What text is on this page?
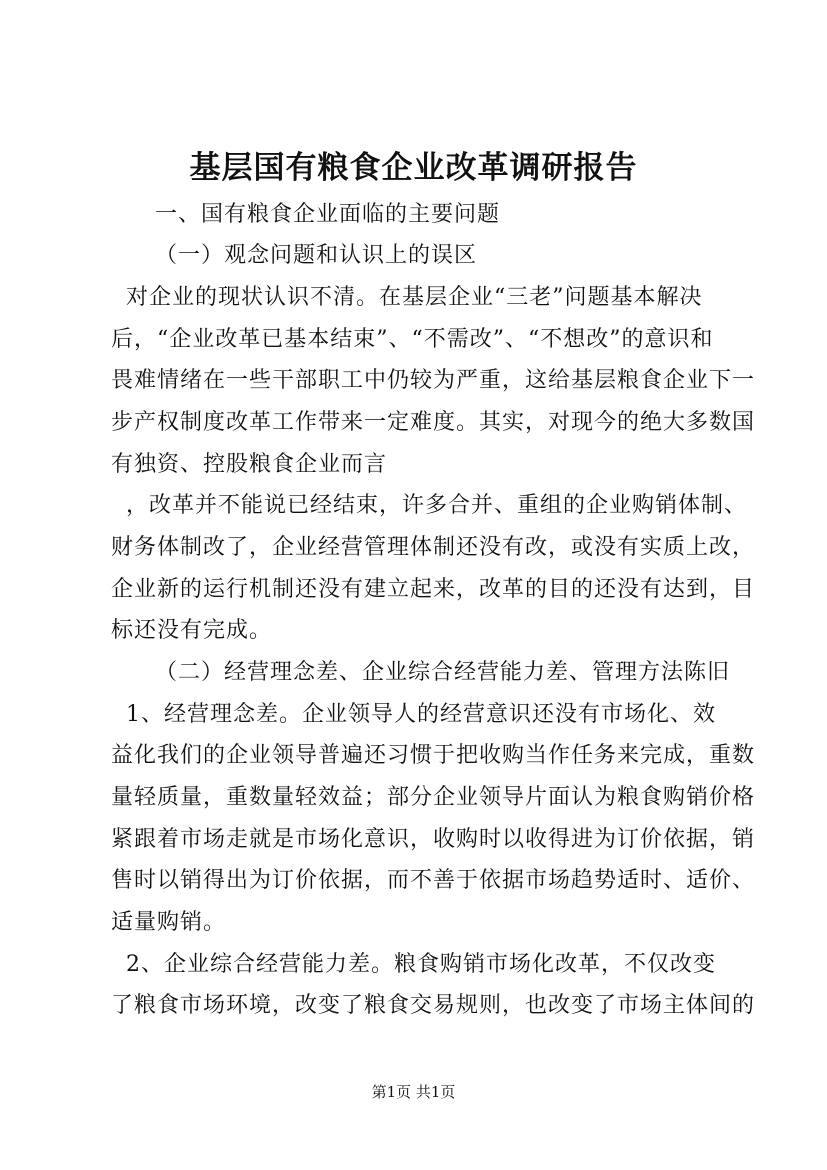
基层国有粮食企业改革调研报告
一、国有粮食企业面临的主要问题
（一）观念问题和认识上的误区
对企业的现状认识不清。在基层企业“三老”问题基本解决
后，“企业改革已基本结束”、“不需改”、“不想改”的意识和
畏难情绪在一些干部职工中仍较为严重，这给基层粮食企业下一
步产权制度改革工作带来一定难度。其实，对现今的绝大多数国
有独资、控股粮食企业而言
，改革并不能说已经结束，许多合并、重组的企业购销体制、
财务体制改了，企业经营管理体制还没有改，或没有实质上改，
企业新的运行机制还没有建立起来，改革的目的还没有达到，目
标还没有完成。
（二）经营理念差、企业综合经营能力差、管理方法陈旧
1、经营理念差。企业领导人的经营意识还没有市场化、效
益化我们的企业领导普遍还习惯于把收购当作任务来完成，重数
量轻质量，重数量轻效益；部分企业领导片面认为粮食购销价格
紧跟着市场走就是市场化意识，收购时以收得进为订价依据，销
售时以销得出为订价依据，而不善于依据市场趋势适时、适价、
适量购销。
2、企业综合经营能力差。粮食购销市场化改革，不仅改变
了粮食市场环境，改变了粮食交易规则，也改变了市场主体间的
第1页 共1页
